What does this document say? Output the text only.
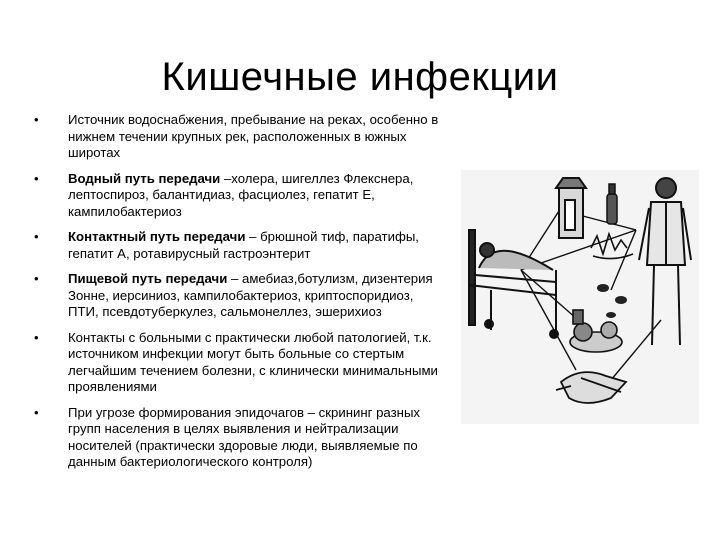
Кишечные инфекции
• Источник водоснабжения, пребывание на реках, особенно в нижнем течении крупных рек, расположенных в южных широтах
• Водный путь передачи –холера, шигеллез Флекснера, лептоспироз, балантидиаз, фасциолез, гепатит Е, кампилобактериоз
• Контактный путь передачи – брюшной тиф, паратифы, гепатит А, ротавирусный гастроэнтерит
• Пищевой путь передачи – амебиаз,ботулизм, дизентерия Зонне, иерсиниоз, кампилобактериоз, криптоспоридиоз, ПТИ, псевдотуберкулез, сальмонеллез, эшерихиоз
• Контакты с больными с практически любой патологией, т.к. источником инфекции могут быть больные со стертым легчайшим течением болезни, с клинически минимальными проявлениями
• При угрозе формирования эпидочагов – скрининг разных групп населения в целях выявления и нейтрализации носителей (практически здоровые люди, выявляемые по данным бактериологического контроля)
